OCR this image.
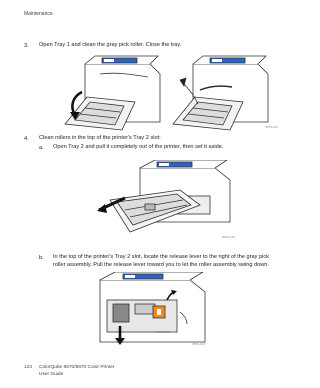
Maintenance
3. Open Tray 1 and clean the gray pick roller. Close the tray.
8870-012
4. Clean rollers in the top of the printer's Tray 2 slot:
a. Open Tray 2 and pull it completely out of the printer, then set it aside.
8870-013
b. In the top of the printer's Tray 2 slot, locate the release lever to the right of the gray pick
roller assembly. Pull the release lever toward you to let the roller assembly swing down.
8870-014
124 ColorQube 8570/8870 Color Printer
User Guide
